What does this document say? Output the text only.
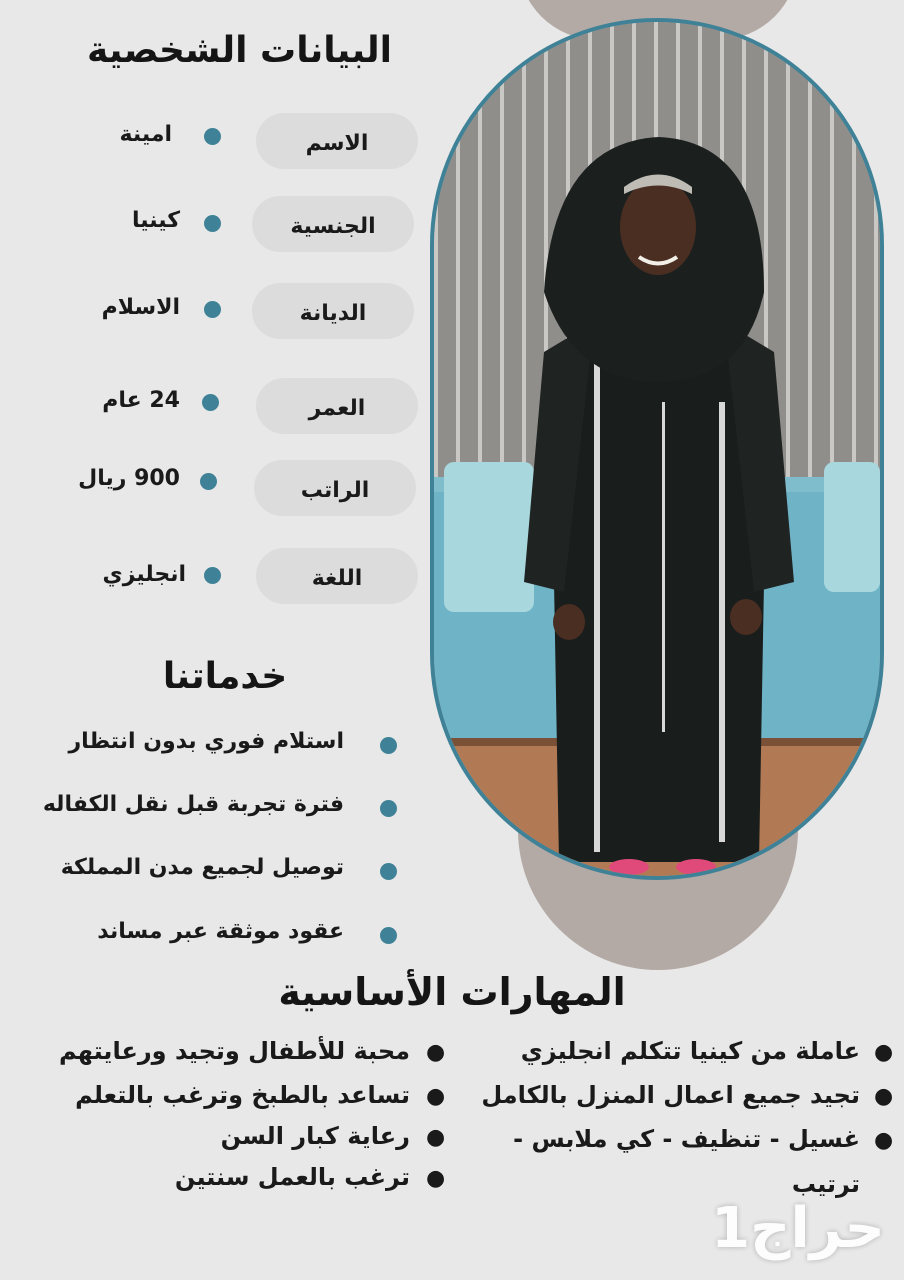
البيانات الشخصية
الاسم
امينة
الجنسية
كينيا
الديانة
الاسلام
العمر
24 عام
الراتب
900 ريال
اللغة
انجليزي
خدماتنا
استلام فوري بدون انتظار
فترة تجربة قبل نقل الكفاله
توصيل لجميع مدن المملكة
عقود موثقة عبر مساند
المهارات الأساسية
●
عاملة من كينيا تتكلم انجليزي
●
تجيد جميع اعمال المنزل بالكامل
●
غسيل - تنظيف - كي ملابس -
ترتيب
●
محبة للأطفال وتجيد ورعايتهم
●
تساعد بالطبخ وترغب بالتعلم
●
رعاية كبار السن
●
ترغب بالعمل سنتين
حراج1
